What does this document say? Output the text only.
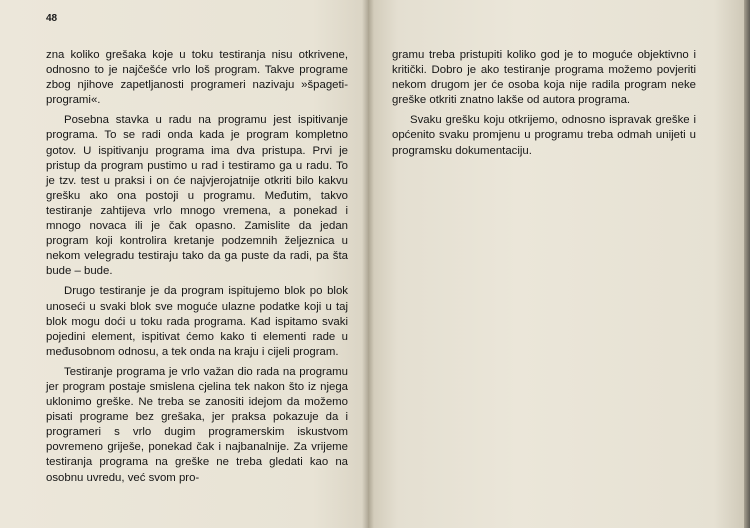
48

zna koliko grešaka koje u toku testiranja nisu otkrivene, odnosno to je najčešće vrlo loš program. Takve programe zbog njihove zapetljanosti programeri nazivaju »špageti-programi«.

Posebna stavka u radu na programu jest ispitivanje programa. To se radi onda kada je program kompletno gotov. U ispitivanju programa ima dva pristupa. Prvi je pristup da program pustimo u rad i testiramo ga u radu. To je tzv. test u praksi i on će najvjerojatnije otkriti bilo kakvu grešku ako ona postoji u programu. Međutim, takvo testiranje zahtijeva vrlo mnogo vremena, a ponekad i mnogo novaca ili je čak opasno. Zamislite da jedan program koji kontrolira kretanje podzemnih željeznica u nekom velegradu testiraju tako da ga puste da radi, pa šta bude – bude.

Drugo testiranje je da program ispitujemo blok po blok unoseći u svaki blok sve moguće ulazne podatke koji u taj blok mogu doći u toku rada programa. Kad ispitamo svaki pojedini element, ispitivat ćemo kako ti elementi rade u međusobnom odnosu, a tek onda na kraju i cijeli program.

Testiranje programa je vrlo važan dio rada na programu jer program postaje smislena cjelina tek nakon što iz njega uklonimo greške. Ne treba se zanositi idejom da možemo pisati programe bez grešaka, jer praksa pokazuje da i programeri s vrlo dugim programerskim iskustvom povremeno griješe, ponekad čak i najbanalnije. Za vrijeme testiranja programa na greške ne treba gledati kao na osobnu uvredu, već svom pro-

gramu treba pristupiti koliko god je to moguće objektivno i kritički. Dobro je ako testiranje programa možemo povjeriti nekom drugom jer će osoba koja nije radila program neke greške otkriti znatno lakše od autora programa.

Svaku grešku koju otkrijemo, odnosno ispravak greške i općenito svaku promjenu u programu treba odmah unijeti u programsku dokumentaciju.
